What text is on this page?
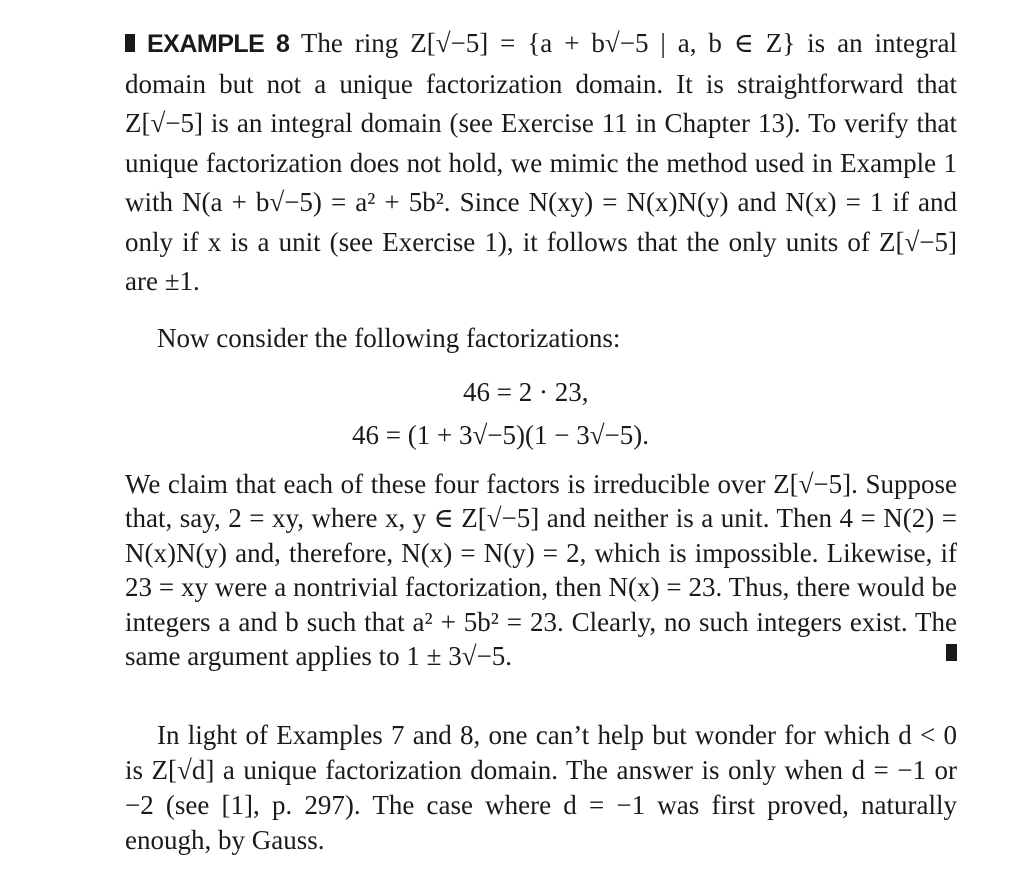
EXAMPLE 8 The ring Z[√−5] = {a + b√−5 | a, b ∈ Z} is an integral domain but not a unique factorization domain. It is straightforward that Z[√−5] is an integral domain (see Exercise 11 in Chapter 13). To verify that unique factorization does not hold, we mimic the method used in Example 1 with N(a + b√−5) = a² + 5b². Since N(xy) = N(x)N(y) and N(x) = 1 if and only if x is a unit (see Exercise 1), it follows that the only units of Z[√−5] are ±1.

Now consider the following factorizations:

46 = 2 · 23,
46 = (1 + 3√−5)(1 − 3√−5).

We claim that each of these four factors is irreducible over Z[√−5]. Suppose that, say, 2 = xy, where x, y ∈ Z[√−5] and neither is a unit. Then 4 = N(2) = N(x)N(y) and, therefore, N(x) = N(y) = 2, which is impossible. Likewise, if 23 = xy were a nontrivial factorization, then N(x) = 23. Thus, there would be integers a and b such that a² + 5b² = 23. Clearly, no such integers exist. The same argument applies to 1 ± 3√−5.

In light of Examples 7 and 8, one can’t help but wonder for which d < 0 is Z[√d] a unique factorization domain. The answer is only when d = −1 or −2 (see [1], p. 297). The case where d = −1 was first proved, naturally enough, by Gauss.
